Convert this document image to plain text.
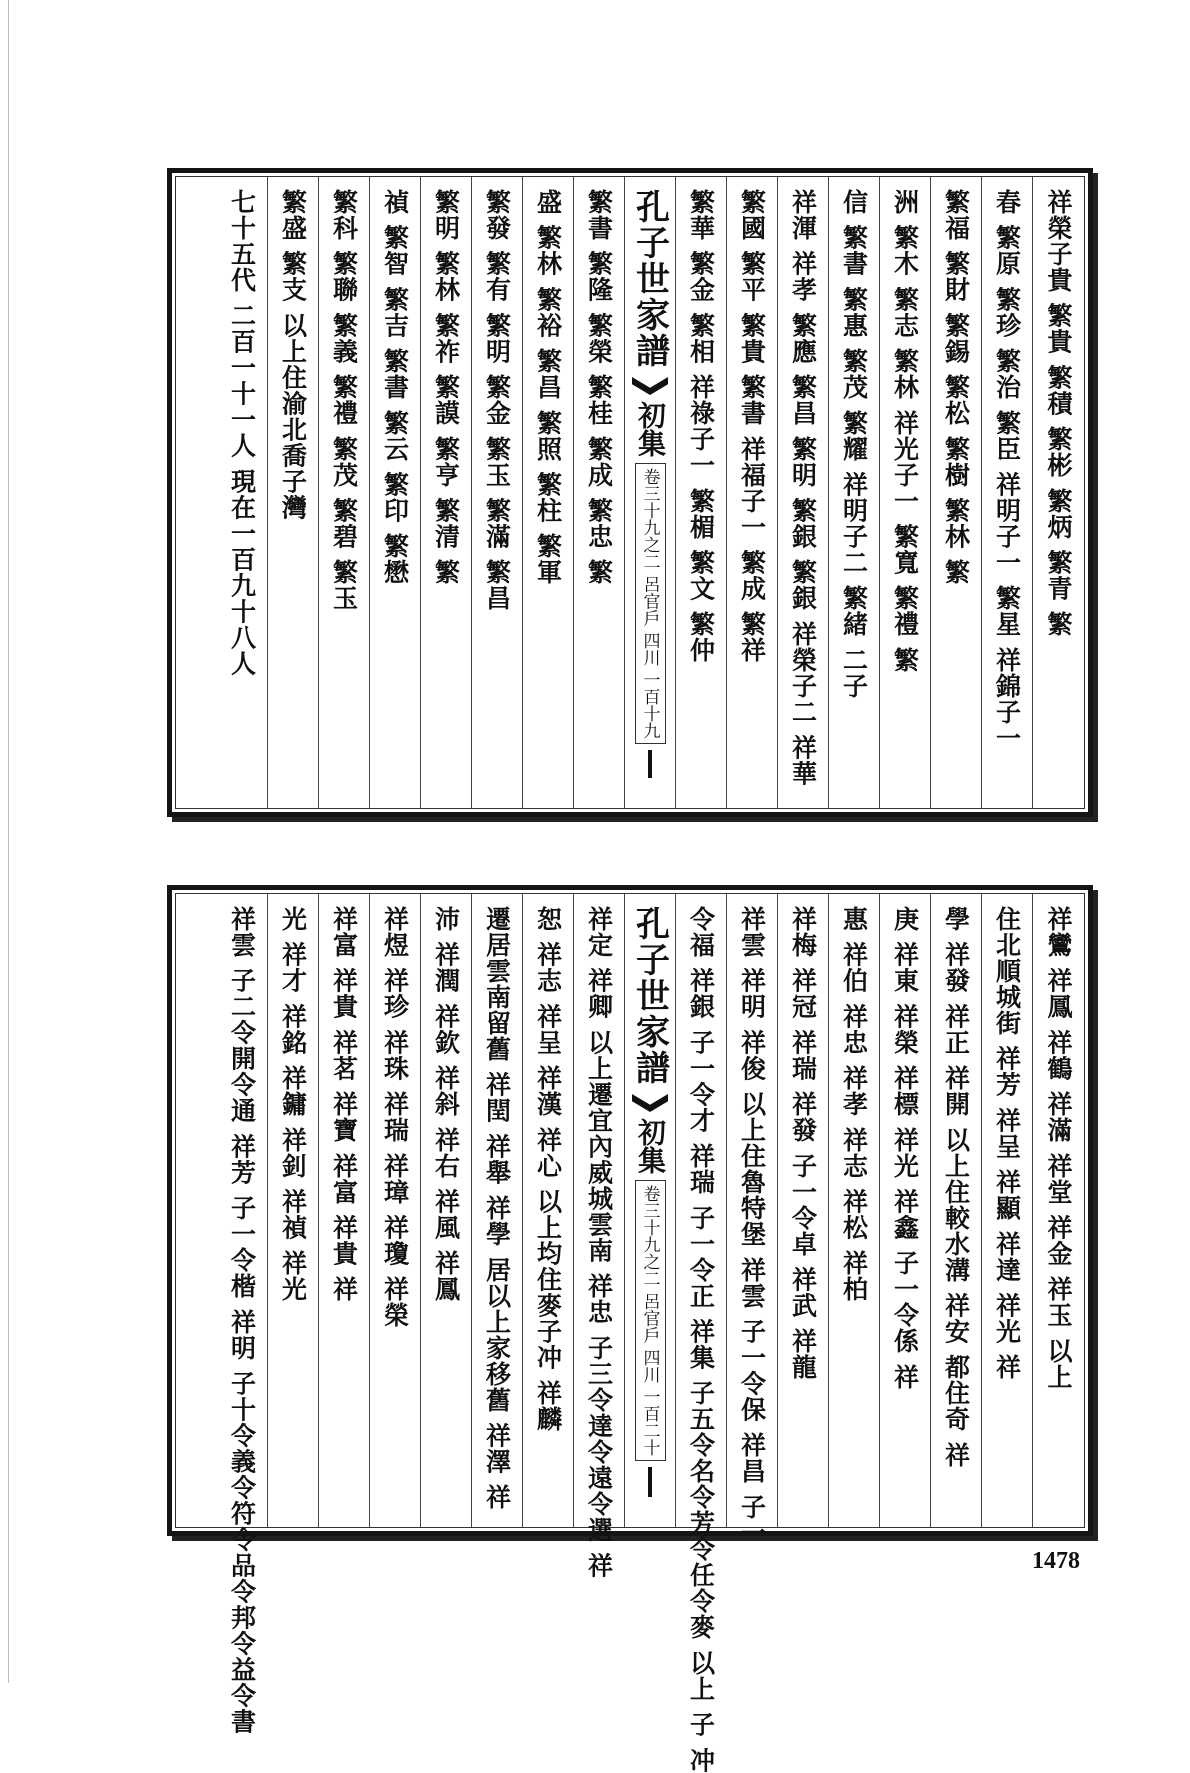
祥榮子貴 繁貴 繁積 繁彬 繁炳 繁青 繁
春 繁原 繁珍 繁治 繁臣 祥明子一 繁星 祥錦子一
繁福 繁財 繁錫 繁松 繁樹 繁林 繁
洲 繁木 繁志 繁林 祥光子一 繁寬 繁禮 繁
信 繁書 繁惠 繁茂 繁耀 祥明子二 繁緒 二子
祥渾 祥孝 繁應 繁昌 繁明 繁銀 繁銀 祥榮子二 祥華
繁國 繁平 繁貴 繁書 祥福子一 繁成 繁祥
繁華 繁金 繁相 祥祿子一 繁楣 繁文 繁仲
孔子世家譜
初集
卷三十九之二 呂官戶 四川 一百十九
繁書 繁隆 繁榮 繁桂 繁成 繁忠 繁
盛 繁林 繁裕 繁昌 繁照 繁柱 繁軍
繁發 繁有 繁明 繁金 繁玉 繁滿 繁昌
繁明 繁林 繁祚 繁謨 繁亨 繁清 繁
禎 繁智 繁吉 繁書 繁云 繁印 繁懋
繁科 繁聯 繁義 繁禮 繁茂 繁碧 繁玉
繁盛 繁支 以上住渝北喬子灣
七十五代 二百一十一人 現在一百九十八人
祥鸞 祥鳳 祥鶴 祥滿 祥堂 祥金 祥玉 以上
住北順城街 祥芳 祥呈 祥顯 祥達 祥光 祥
學 祥發 祥正 祥開 以上住較水溝 祥安 都住奇 祥
庚 祥東 祥榮 祥標 祥光 祥鑫 子一令係 祥
惠 祥伯 祥忠 祥孝 祥志 祥松 祥柏
祥梅 祥冠 祥瑞 祥發 子一令卓 祥武 祥龍
祥雲 祥明 祥俊 以上住魯特堡 祥雲 子一令保 祥昌 子一
令福 祥銀 子一令才 祥瑞 子一令正 祥集 子五令名令芳令任令麥 以上 子 冲
孔子世家譜
初集
卷三十九之二 呂官戶 四川 一百二十
祥定 祥卿 以上遷宜內威城雲南 祥忠 子三令達令遠令選 祥
恕 祥志 祥呈 祥漢 祥心 以上均住麥子冲 祥麟
遷居雲南留舊 祥閏 祥舉 祥學 居以上家移舊 祥澤 祥
沛 祥潤 祥欽 祥斜 祥右 祥風 祥鳳
祥煜 祥珍 祥珠 祥瑞 祥璋 祥瓊 祥榮
祥富 祥貴 祥茗 祥寶 祥富 祥貴 祥
光 祥才 祥銘 祥鏞 祥釗 祥禎 祥光
祥雲 子二令開令通 祥芳 子一令楷 祥明 子十令義令符令品令邦令益令書	1478
